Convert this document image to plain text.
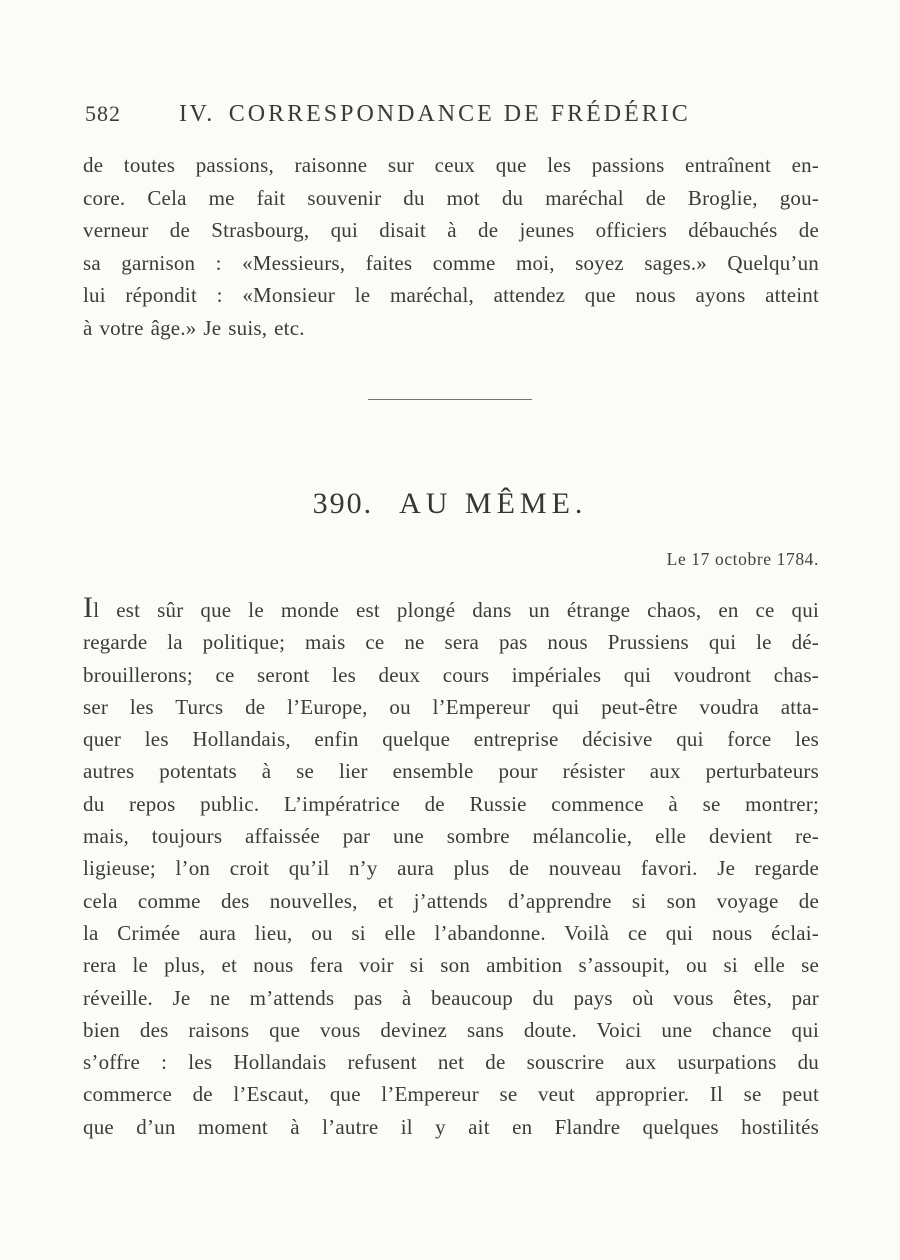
582 IV. CORRESPONDANCE DE FRÉDÉRIC
de toutes passions, raisonne sur ceux que les passions entraînent en-
core. Cela me fait souvenir du mot du maréchal de Broglie, gou-
verneur de Strasbourg, qui disait à de jeunes officiers débauchés de
sa garnison : «Messieurs, faites comme moi, soyez sages.» Quelqu’un
lui répondit : «Monsieur le maréchal, attendez que nous ayons atteint
à votre âge.» Je suis, etc.
390. AU MÊME.
Le 17 octobre 1784.
Il est sûr que le monde est plongé dans un étrange chaos, en ce qui
regarde la politique; mais ce ne sera pas nous Prussiens qui le dé-
brouillerons; ce seront les deux cours impériales qui voudront chas-
ser les Turcs de l’Europe, ou l’Empereur qui peut-être voudra atta-
quer les Hollandais, enfin quelque entreprise décisive qui force les
autres potentats à se lier ensemble pour résister aux perturbateurs
du repos public. L’impératrice de Russie commence à se montrer;
mais, toujours affaissée par une sombre mélancolie, elle devient re-
ligieuse; l’on croit qu’il n’y aura plus de nouveau favori. Je regarde
cela comme des nouvelles, et j’attends d’apprendre si son voyage de
la Crimée aura lieu, ou si elle l’abandonne. Voilà ce qui nous éclai-
rera le plus, et nous fera voir si son ambition s’assoupit, ou si elle se
réveille. Je ne m’attends pas à beaucoup du pays où vous êtes, par
bien des raisons que vous devinez sans doute. Voici une chance qui
s’offre : les Hollandais refusent net de souscrire aux usurpations du
commerce de l’Escaut, que l’Empereur se veut approprier. Il se peut
que d’un moment à l’autre il y ait en Flandre quelques hostilités
